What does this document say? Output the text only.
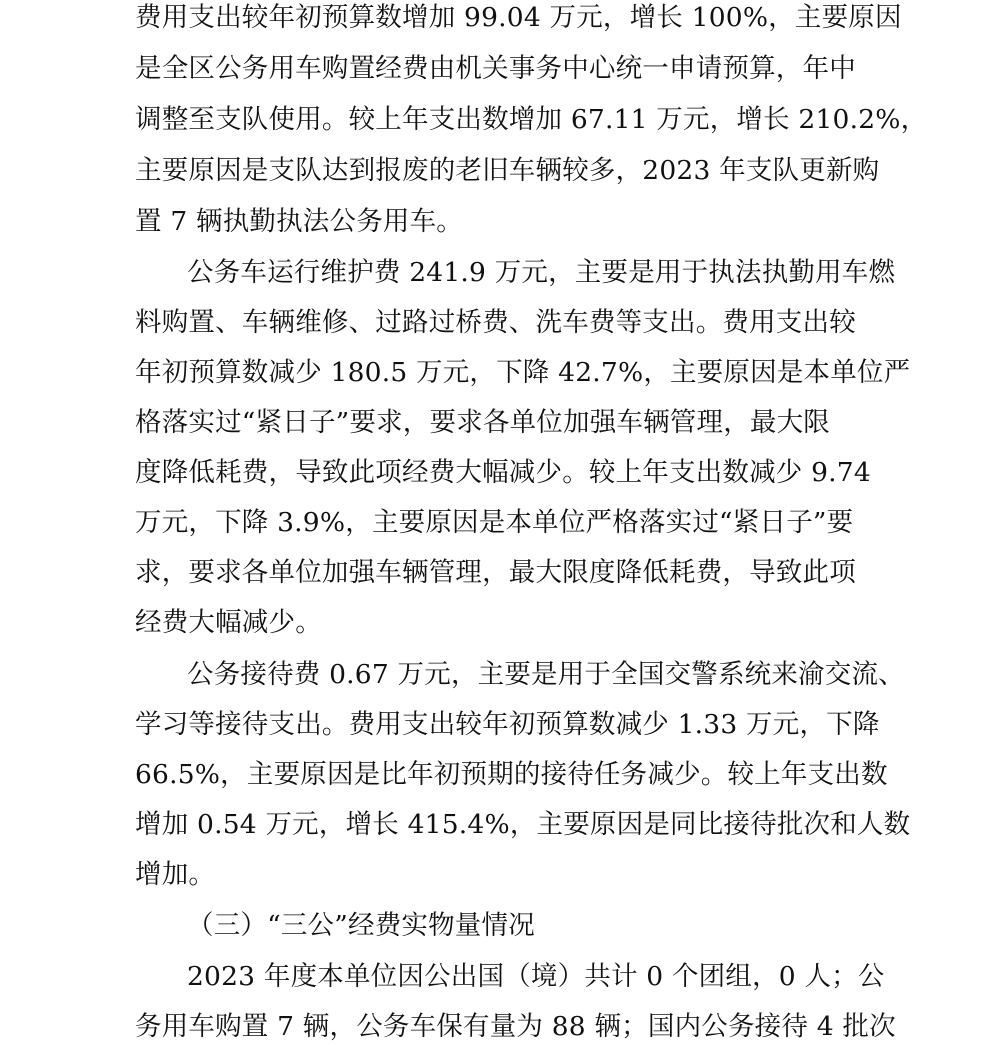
费用支出较年初预算数增加 99.04 万元，增长 100%，主要原因
是全区公务用车购置经费由机关事务中心统一申请预算，年中
调整至支队使用。较上年支出数增加 67.11 万元，增长 210.2%，
主要原因是支队达到报废的老旧车辆较多，2023 年支队更新购
置 7 辆执勤执法公务用车。
公务车运行维护费 241.9 万元，主要是用于执法执勤用车燃
料购置、车辆维修、过路过桥费、洗车费等支出。费用支出较
年初预算数减少 180.5 万元，下降 42.7%，主要原因是本单位严
格落实过“紧日子”要求，要求各单位加强车辆管理，最大限
度降低耗费，导致此项经费大幅减少。较上年支出数减少 9.74
万元，下降 3.9%，主要原因是本单位严格落实过“紧日子”要
求，要求各单位加强车辆管理，最大限度降低耗费，导致此项
经费大幅减少。
公务接待费 0.67 万元，主要是用于全国交警系统来渝交流、
学习等接待支出。费用支出较年初预算数减少 1.33 万元，下降
66.5%，主要原因是比年初预期的接待任务减少。较上年支出数
增加 0.54 万元，增长 415.4%，主要原因是同比接待批次和人数
增加。
（三）“三公”经费实物量情况
2023 年度本单位因公出国（境）共计 0 个团组，0 人；公
务用车购置 7 辆，公务车保有量为 88 辆；国内公务接待 4 批次
